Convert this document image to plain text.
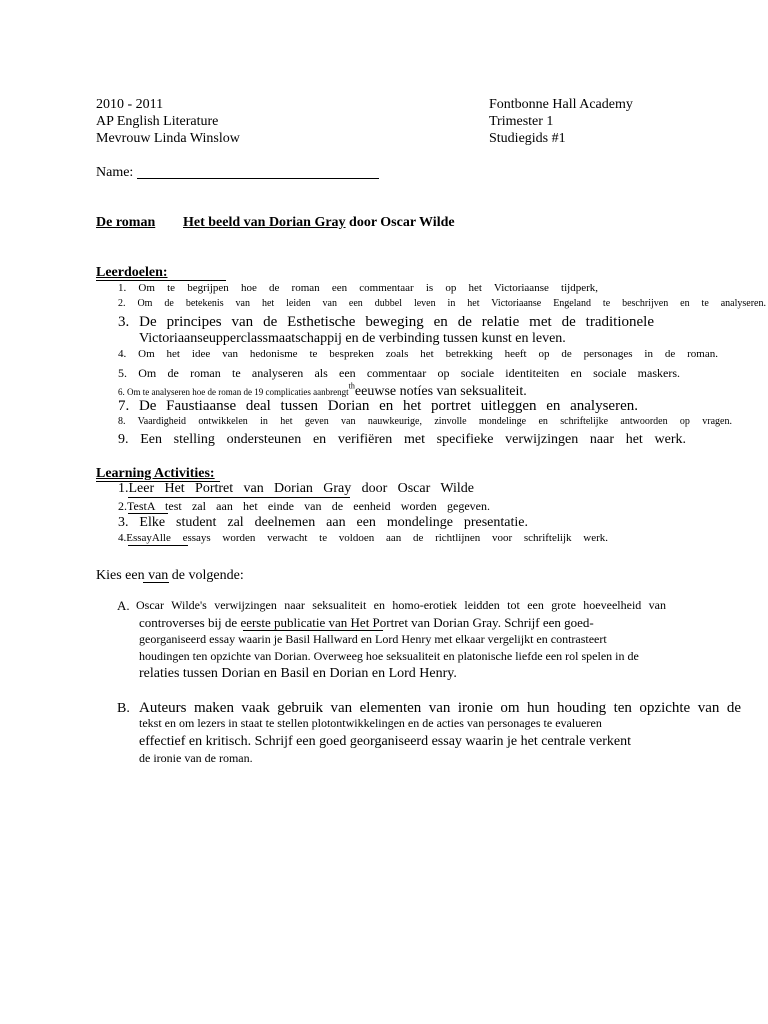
2010 - 2011
AP English Literature
Mevrouw Linda Winslow
Fontbonne Hall Academy
Trimester 1
Studiegids #1
Name:
De roman Het beeld van Dorian Gray door Oscar Wilde
Leerdoelen:
1. Om te begrijpen hoe de roman een commentaar is op het Victoriaanse tijdperk,
2. Om de betekenis van het leiden van een dubbel leven in het Victoriaanse Engeland te beschrijven en te analyseren.
3. De principes van de Esthetische beweging en de relatie met de traditionele
Victoriaanseupperclassmaatschappij en de verbinding tussen kunst en leven.
4. Om het idee van hedonisme te bespreken zoals het betrekking heeft op de personages in de roman.
5. Om de roman te analyseren als een commentaar op sociale identiteiten en sociale maskers.
6. Om te analyseren hoe de roman de 19 complicaties aanbrengt$^{th}$eeuwse notíes van seksualiteit.
7. De Faustiaanse deal tussen Dorian en het portret uitleggen en analyseren.
8. Vaardigheid ontwikkelen in het geven van nauwkeurige, zinvolle mondelinge en schriftelijke antwoorden op vragen.
9. Een stelling ondersteunen en verifiëren met specifieke verwijzingen naar het werk.
Learning Activities:
1.Leer Het Portret van Dorian Gray door Oscar Wilde
2.TestA test zal aan het einde van de eenheid worden gegeven.
3. Elke student zal deelnemen aan een mondelinge presentatie.
4.EssayAlle essays worden verwacht te voldoen aan de richtlijnen voor schriftelijk werk.
Kies een van de volgende:
A. Oscar Wilde's verwijzingen naar seksualiteit en homo-erotiek leidden tot een grote hoeveelheid van
controverses bij de eerste publicatie van Het Portret van Dorian Gray. Schrijf een goed-
georganiseerd essay waarin je Basil Hallward en Lord Henry met elkaar vergelijkt en contrasteert
houdingen ten opzichte van Dorian. Overweeg hoe seksualiteit en platonische liefde een rol spelen in de
relaties tussen Dorian en Basil en Dorian en Lord Henry.
B. Auteurs maken vaak gebruik van elementen van ironie om hun houding ten opzichte van de
tekst en om lezers in staat te stellen plotontwikkelingen en de acties van personages te evalueren
effectief en kritisch. Schrijf een goed georganiseerd essay waarin je het centrale verkent
de ironie van de roman.
